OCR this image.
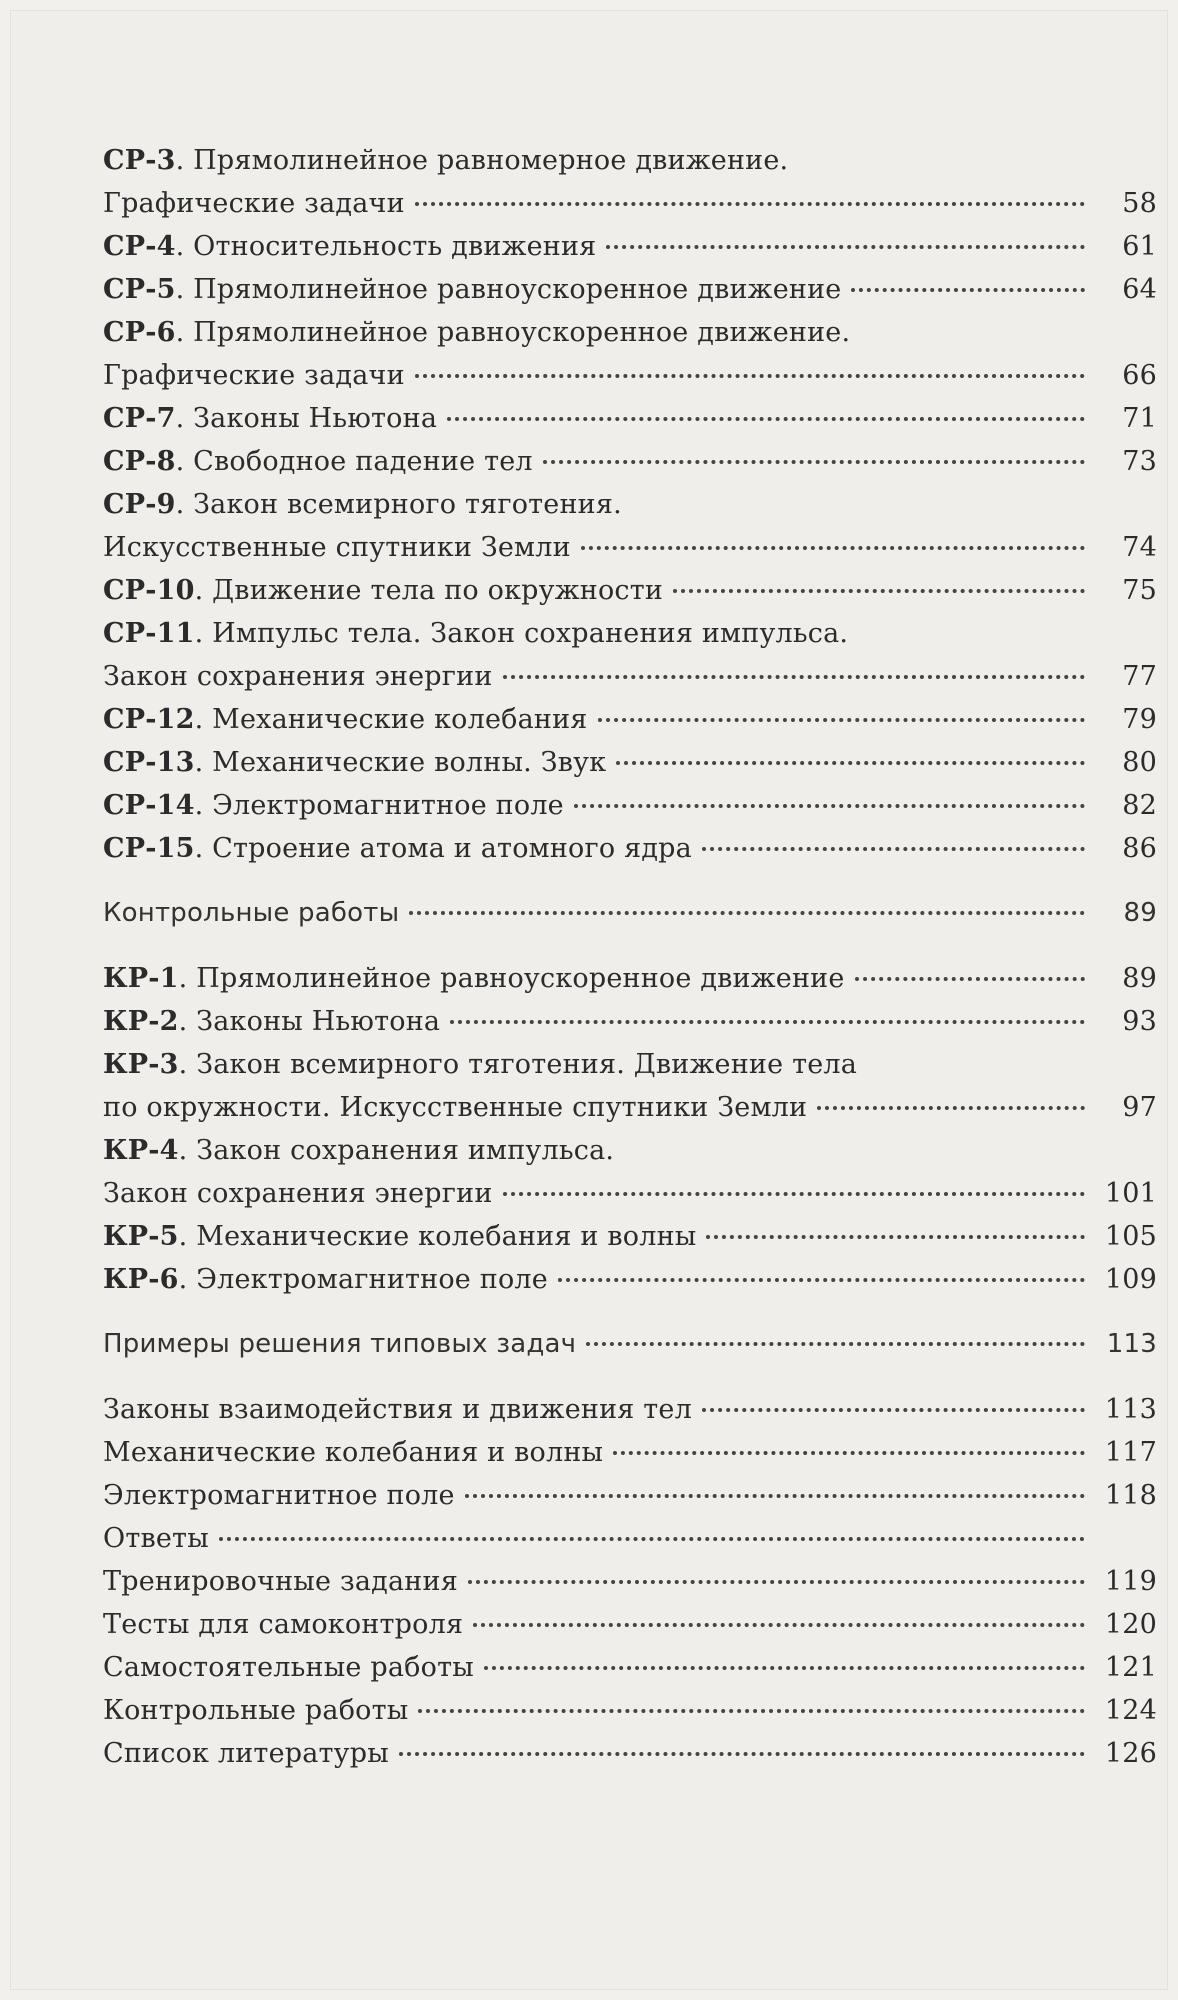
СР-3. Прямолинейное равномерное движение.
Графические задачи	58
СР-4. Относительность движения	61
СР-5. Прямолинейное равноускоренное движение	64
СР-6. Прямолинейное равноускоренное движение.
Графические задачи	66
СР-7. Законы Ньютона	71
СР-8. Свободное падение тел	73
СР-9. Закон всемирного тяготения.
Искусственные спутники Земли	74
СР-10. Движение тела по окружности	75
СР-11. Импульс тела. Закон сохранения импульса.
Закон сохранения энергии	77
СР-12. Механические колебания	79
СР-13. Механические волны. Звук	80
СР-14. Электромагнитное поле	82
СР-15. Строение атома и атомного ядра	86
Контрольные работы	89
КР-1. Прямолинейное равноускоренное движение	89
КР-2. Законы Ньютона	93
КР-3. Закон всемирного тяготения. Движение тела
по окружности. Искусственные спутники Земли	97
КР-4. Закон сохранения импульса.
Закон сохранения энергии	101
КР-5. Механические колебания и волны	105
КР-6. Электромагнитное поле	109
Примеры решения типовых задач	113
Законы взаимодействия и движения тел	113
Механические колебания и волны	117
Электромагнитное поле	118
Ответы
Тренировочные задания	119
Тесты для самоконтроля	120
Самостоятельные работы	121
Контрольные работы	124
Список литературы	126
